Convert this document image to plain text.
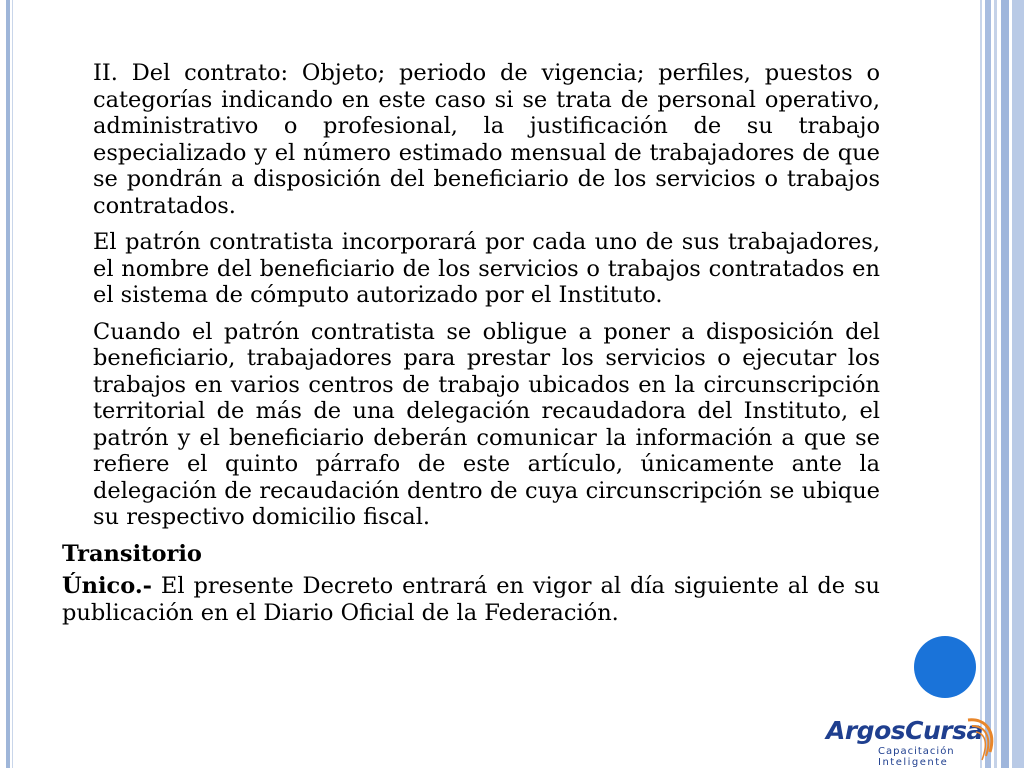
II. Del contrato: Objeto; periodo de vigencia; perfiles, puestos o categorías indicando en este caso si se trata de personal operativo, administrativo o profesional, la justificación de su trabajo especializado y el número estimado mensual de trabajadores de que se pondrán a disposición del beneficiario de los servicios o trabajos contratados.

El patrón contratista incorporará por cada uno de sus trabajadores, el nombre del beneficiario de los servicios o trabajos contratados en el sistema de cómputo autorizado por el Instituto.

Cuando el patrón contratista se obligue a poner a disposición del beneficiario, trabajadores para prestar los servicios o ejecutar los trabajos en varios centros de trabajo ubicados en la circunscripción territorial de más de una delegación recaudadora del Instituto, el patrón y el beneficiario deberán comunicar la información a que se refiere el quinto párrafo de este artículo, únicamente ante la delegación de recaudación dentro de cuya circunscripción se ubique su respectivo domicilio fiscal.

Transitorio

Único.- El presente Decreto entrará en vigor al día siguiente al de su publicación en el Diario Oficial de la Federación.

ArgosCursa
Capacitación
Inteligente
